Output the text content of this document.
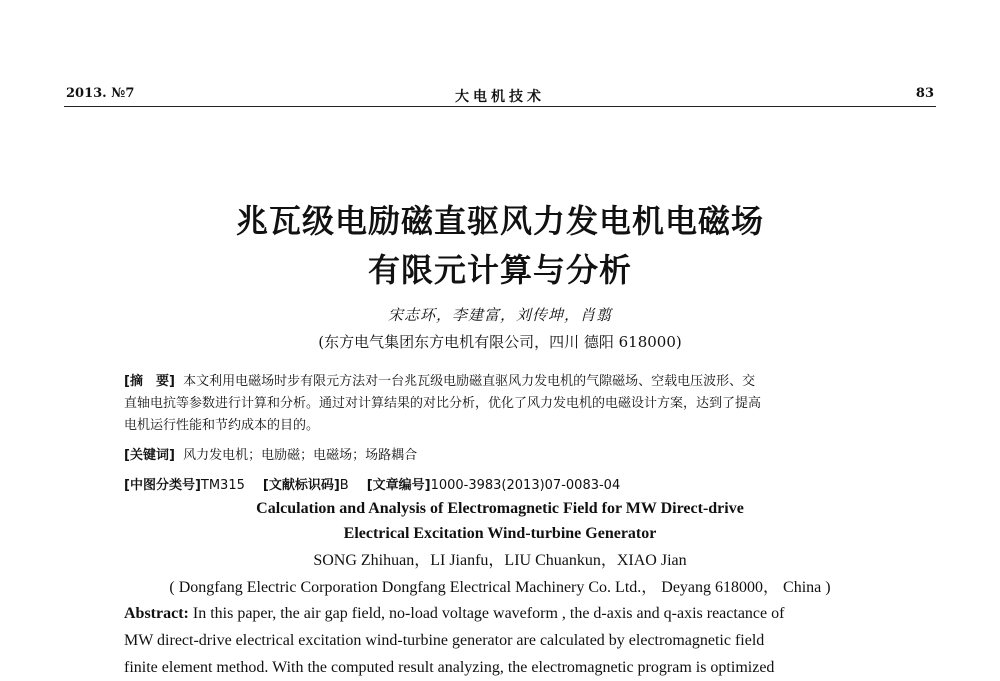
2013. №7	大电机技术	83
兆瓦级电励磁直驱风力发电机电磁场
有限元计算与分析
宋志环，李建富，刘传坤，肖翦
(东方电气集团东方电机有限公司，四川 德阳 618000)
[摘　要] 本文利用电磁场时步有限元方法对一台兆瓦级电励磁直驱风力发电机的气隙磁场、空载电压波形、交
直轴电抗等参数进行计算和分析。通过对计算结果的对比分析，优化了风力发电机的电磁设计方案，达到了提高
电机运行性能和节约成本的目的。
[关键词] 风力发电机；电励磁；电磁场；场路耦合
[中图分类号]TM315 [文献标识码]B [文章编号]1000-3983(2013)07-0083-04
Calculation and Analysis of Electromagnetic Field for MW Direct-drive
Electrical Excitation Wind-turbine Generator
SONG Zhihuan，LI Jianfu，LIU Chuankun，XIAO Jian
( Dongfang Electric Corporation Dongfang Electrical Machinery Co. Ltd.， Deyang 618000， China )
Abstract: In this paper, the air gap field, no-load voltage waveform , the d-axis and q-axis reactance of
MW direct-drive electrical excitation wind-turbine generator are calculated by electromagnetic field
finite element method. With the computed result analyzing, the electromagnetic program is optimized
